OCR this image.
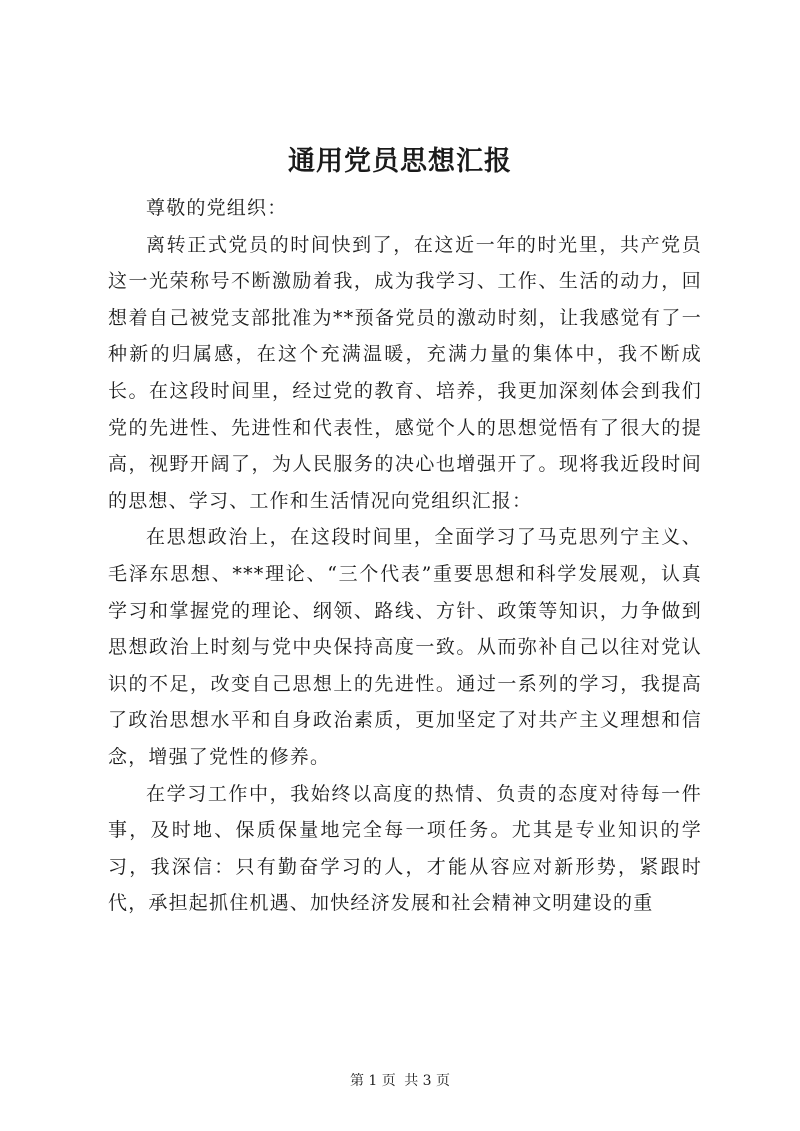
通用党员思想汇报

尊敬的党组织：

离转正式党员的时间快到了，在这近一年的时光里，共产党员这一光荣称号不断激励着我，成为我学习、工作、生活的动力，回想着自己被党支部批准为**预备党员的激动时刻，让我感觉有了一种新的归属感，在这个充满温暖，充满力量的集体中，我不断成长。在这段时间里，经过党的教育、培养，我更加深刻体会到我们党的先进性、先进性和代表性，感觉个人的思想觉悟有了很大的提高，视野开阔了，为人民服务的决心也增强开了。现将我近段时间的思想、学习、工作和生活情况向党组织汇报：

在思想政治上，在这段时间里，全面学习了马克思列宁主义、毛泽东思想、***理论、“三个代表”重要思想和科学发展观，认真学习和掌握党的理论、纲领、路线、方针、政策等知识，力争做到思想政治上时刻与党中央保持高度一致。从而弥补自己以往对党认识的不足，改变自己思想上的先进性。通过一系列的学习，我提高了政治思想水平和自身政治素质，更加坚定了对共产主义理想和信念，增强了党性的修养。

在学习工作中，我始终以高度的热情、负责的态度对待每一件事，及时地、保质保量地完全每一项任务。尤其是专业知识的学习，我深信：只有勤奋学习的人，才能从容应对新形势，紧跟时代，承担起抓住机遇、加快经济发展和社会精神文明建设的重

第 1 页 共 3 页
